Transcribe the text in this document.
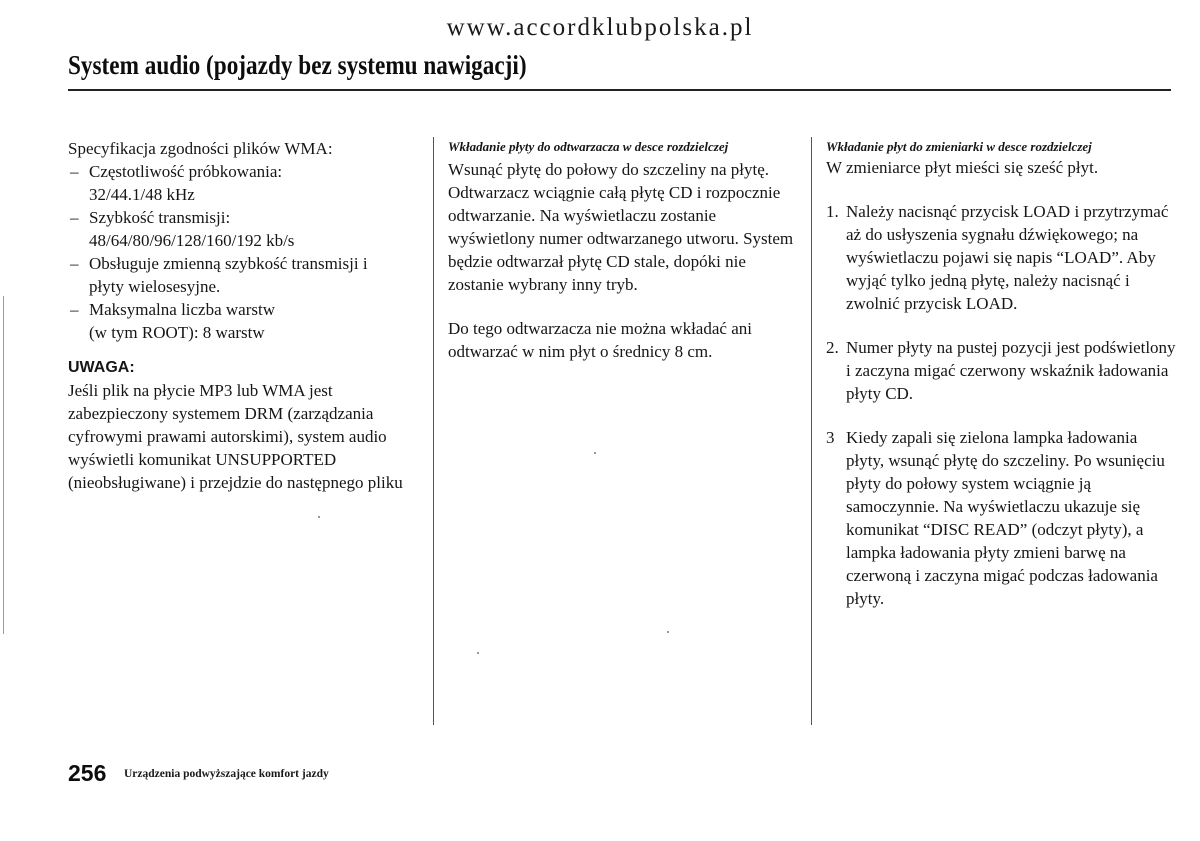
www.accordklubpolska.pl
System audio (pojazdy bez systemu nawigacji)

Specyfikacja zgodności plików WMA:

– Częstotliwość próbkowania:
32/44.1/48 kHz
– Szybkość transmisji:
48/64/80/96/128/160/192 kb/s
– Obsługuje zmienną szybkość transmisji i
płyty wielosesyjne.
– Maksymalna liczba warstw
(w tym ROOT): 8 warstw

UWAGA:

Jeśli plik na płycie MP3 lub WMA jest zabezpieczony systemem DRM (zarządzania cyfrowymi prawami autorskimi), system audio wyświetli komunikat UNSUPPORTED (nieobsługiwane) i przejdzie do następnego pliku

Wkładanie płyty do odtwarzacza w desce rozdzielczej

Wsunąć płytę do połowy do szczeliny na płytę. Odtwarzacz wciągnie całą płytę CD i rozpocznie odtwarzanie. Na wyświetlaczu zostanie wyświetlony numer odtwarzanego utworu. System będzie odtwarzał płytę CD stale, dopóki nie zostanie wybrany inny tryb.

Do tego odtwarzacza nie można wkładać ani odtwarzać w nim płyt o średnicy 8 cm.

Wkładanie płyt do zmieniarki w desce rozdzielczej

W zmieniarce płyt mieści się sześć płyt.

1. Należy nacisnąć przycisk LOAD i przytrzymać aż do usłyszenia sygnału dźwiękowego; na wyświetlaczu pojawi się napis “LOAD”. Aby wyjąć tylko jedną płytę, należy nacisnąć i zwolnić przycisk LOAD.
2. Numer płyty na pustej pozycji jest podświetlony i zaczyna migać czerwony wskaźnik ładowania płyty CD.
3 Kiedy zapali się zielona lampka ładowania płyty, wsunąć płytę do szczeliny. Po wsunięciu płyty do połowy system wciągnie ją samoczynnie. Na wyświetlaczu ukazuje się komunikat “DISC READ” (odczyt płyty), a lampka ładowania płyty zmieni barwę na czerwoną i zaczyna migać podczas ładowania płyty.
256 Urządzenia podwyższające komfort jazdy
